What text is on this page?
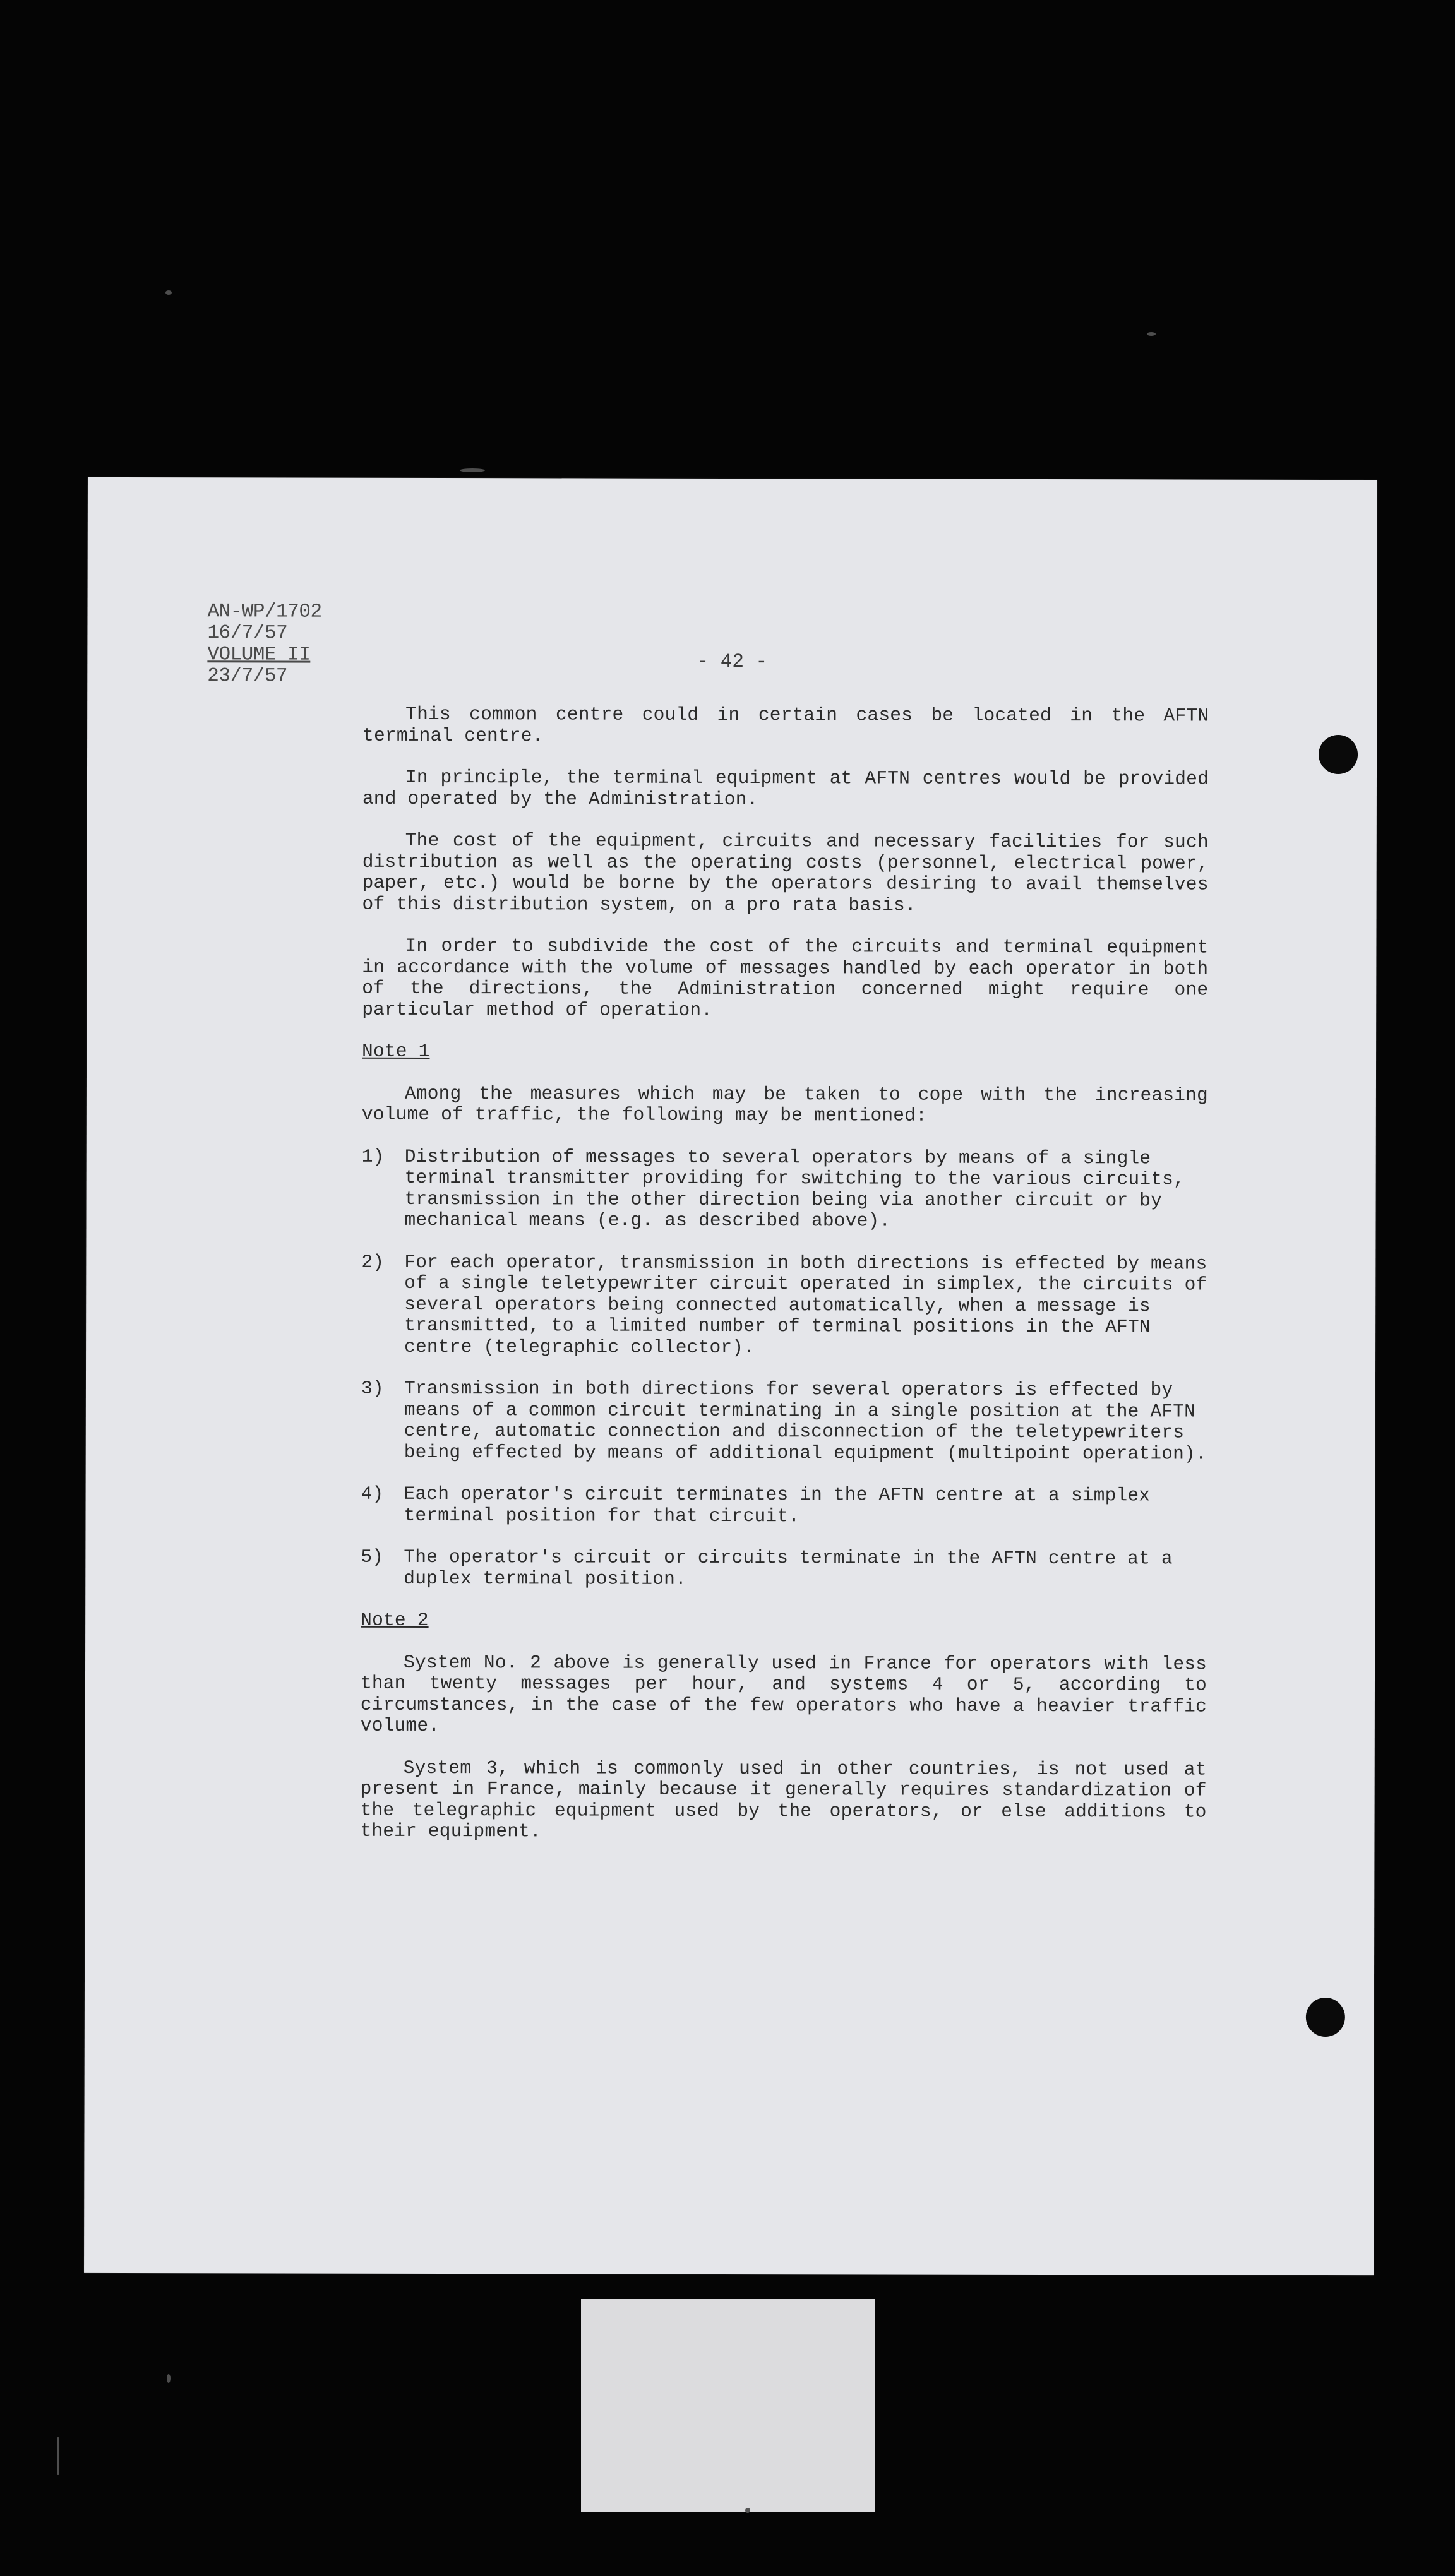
AN-WP/1702
16/7/57
VOLUME II
23/7/57
- 42 -

This common centre could in certain cases be located in the AFTN terminal centre.

In principle, the terminal equipment at AFTN centres would be provided and operated by the Administration.

The cost of the equipment, circuits and necessary facilities for such distribution as well as the operating costs (personnel, electrical power, paper, etc.) would be borne by the operators desiring to avail themselves of this distribution system, on a pro rata basis.

In order to subdivide the cost of the circuits and terminal equipment in accordance with the volume of messages handled by each operator in both of the directions, the Administration concerned might require one particular method of operation.

Note 1

Among the measures which may be taken to cope with the increasing volume of traffic, the following may be mentioned:

1)	Distribution of messages to several operators by means of a single terminal transmitter providing for switching to the various circuits, transmission in the other direction being via another circuit or by mechanical means (e.g. as described above).
2)	For each operator, transmission in both directions is effected by means of a single teletypewriter circuit operated in simplex, the circuits of several operators being connected automatically, when a message is transmitted, to a limited number of terminal positions in the AFTN centre (telegraphic collector).
3)	Transmission in both directions for several operators is effected by means of a common circuit terminating in a single position at the AFTN centre, automatic connection and disconnection of the teletypewriters being effected by means of additional equipment (multipoint operation).
4)	Each operator's circuit terminates in the AFTN centre at a simplex terminal position for that circuit.
5)	The operator's circuit or circuits terminate in the AFTN centre at a duplex terminal position.
Note 2

System No. 2 above is generally used in France for operators with less than twenty messages per hour, and systems 4 or 5, according to circumstances, in the case of the few operators who have a heavier traffic volume.

System 3, which is commonly used in other countries, is not used at present in France, mainly because it generally requires standardization of the telegraphic equipment used by the operators, or else additions to their equipment.
